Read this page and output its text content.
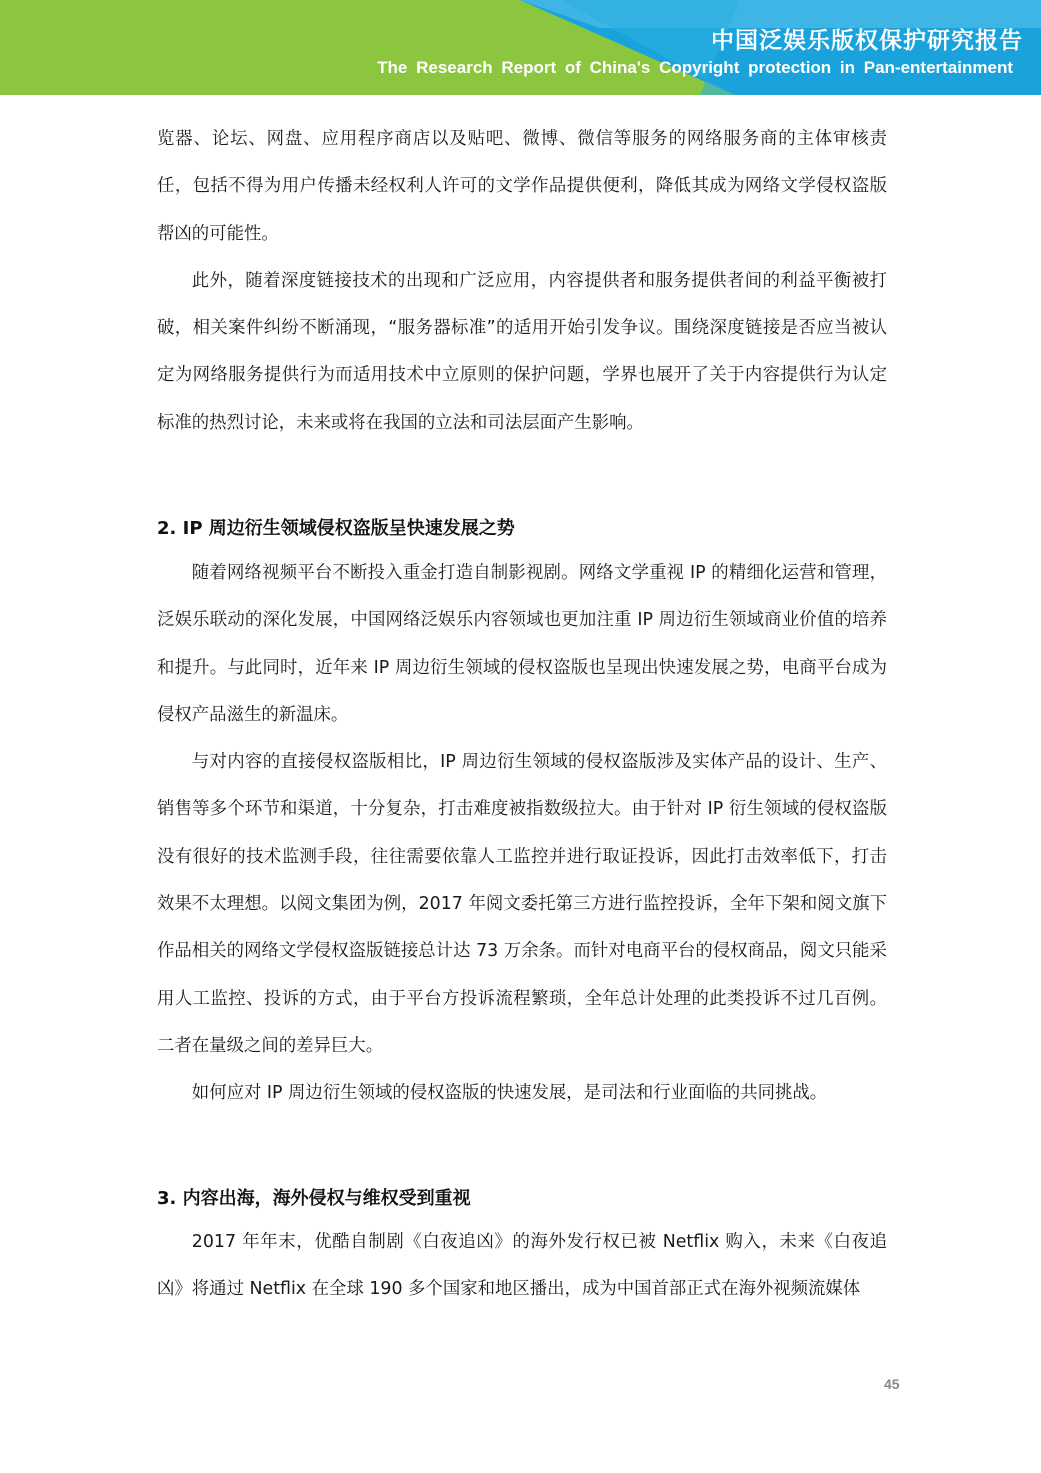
中国泛娱乐版权保护研究报告
The Research Report of China's Copyright protection in Pan-entertainment

览器、论坛、网盘、应用程序商店以及贴吧、微博、微信等服务的网络服务商的主体审核责任，包括不得为用户传播未经权利人许可的文学作品提供便利，降低其成为网络文学侵权盗版帮凶的可能性。

此外，随着深度链接技术的出现和广泛应用，内容提供者和服务提供者间的利益平衡被打破，相关案件纠纷不断涌现，“服务器标准”的适用开始引发争议。围绕深度链接是否应当被认定为网络服务提供行为而适用技术中立原则的保护问题，学界也展开了关于内容提供行为认定标准的热烈讨论，未来或将在我国的立法和司法层面产生影响。

2. IP 周边衍生领域侵权盗版呈快速发展之势

随着网络视频平台不断投入重金打造自制影视剧。网络文学重视 IP 的精细化运营和管理，泛娱乐联动的深化发展，中国网络泛娱乐内容领域也更加注重 IP 周边衍生领域商业价值的培养和提升。与此同时，近年来 IP 周边衍生领域的侵权盗版也呈现出快速发展之势，电商平台成为侵权产品滋生的新温床。

与对内容的直接侵权盗版相比，IP 周边衍生领域的侵权盗版涉及实体产品的设计、生产、销售等多个环节和渠道，十分复杂，打击难度被指数级拉大。由于针对 IP 衍生领域的侵权盗版没有很好的技术监测手段，往往需要依靠人工监控并进行取证投诉，因此打击效率低下，打击效果不太理想。以阅文集团为例，2017 年阅文委托第三方进行监控投诉，全年下架和阅文旗下作品相关的网络文学侵权盗版链接总计达 73 万余条。而针对电商平台的侵权商品，阅文只能采用人工监控、投诉的方式，由于平台方投诉流程繁琐，全年总计处理的此类投诉不过几百例。二者在量级之间的差异巨大。

如何应对 IP 周边衍生领域的侵权盗版的快速发展，是司法和行业面临的共同挑战。

3. 内容出海，海外侵权与维权受到重视

2017 年年末，优酷自制剧《白夜追凶》的海外发行权已被 Netflix 购入，未来《白夜追凶》将通过 Netflix 在全球 190 多个国家和地区播出，成为中国首部正式在海外视频流媒体

45
